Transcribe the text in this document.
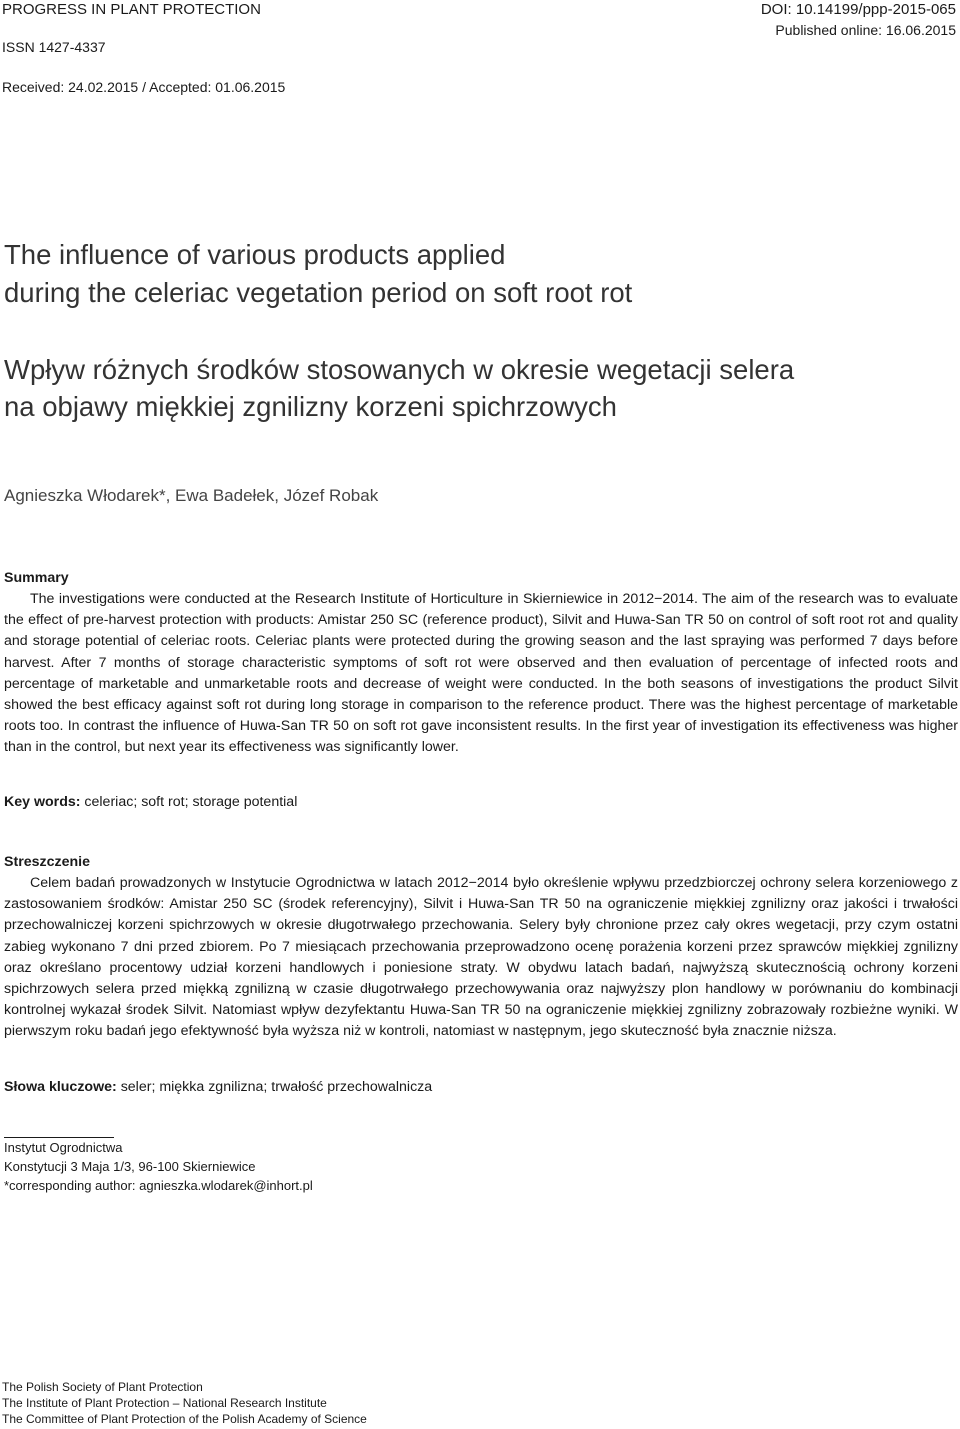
PROGRESS IN PLANT PROTECTION
ISSN 1427-4337
DOI: 10.14199/ppp-2015-065
Published online: 16.06.2015
Received: 24.02.2015 / Accepted: 01.06.2015
The influence of various products applied
during the celeriac vegetation period on soft root rot
Wpływ różnych środków stosowanych w okresie wegetacji selera
na objawy miękkiej zgnilizny korzeni spichrzowych
Agnieszka Włodarek*, Ewa Badełek, Józef Robak
Summary

The investigations were conducted at the Research Institute of Horticulture in Skierniewice in 2012−2014. The aim of the research was to evaluate the effect of pre-harvest protection with products: Amistar 250 SC (reference product), Silvit and Huwa-San TR 50 on control of soft root rot and quality and storage potential of celeriac roots. Celeriac plants were protected during the growing season and the last spraying was performed 7 days before harvest. After 7 months of storage characteristic symptoms of soft rot were observed and then evaluation of percentage of infected roots and percentage of marketable and unmarketable roots and decrease of weight were conducted. In the both seasons of investigations the product Silvit showed the best efficacy against soft rot during long storage in comparison to the reference product. There was the highest percentage of marketable roots too. In contrast the influence of Huwa-San TR 50 on soft rot gave inconsistent results. In the first year of investigation its effectiveness was higher than in the control, but next year its effectiveness was significantly lower.

Key words: celeriac; soft rot; storage potential
Streszczenie

Celem badań prowadzonych w Instytucie Ogrodnictwa w latach 2012−2014 było określenie wpływu przedzbiorczej ochrony selera korzeniowego z zastosowaniem środków: Amistar 250 SC (środek referencyjny), Silvit i Huwa-San TR 50 na ograniczenie miękkiej zgnilizny oraz jakości i trwałości przechowalniczej korzeni spichrzowych w okresie długotrwałego przechowania. Selery były chronione przez cały okres wegetacji, przy czym ostatni zabieg wykonano 7 dni przed zbiorem. Po 7 miesiącach przechowania przeprowadzono ocenę porażenia korzeni przez sprawców miękkiej zgnilizny oraz określano procentowy udział korzeni handlowych i poniesione straty. W obydwu latach badań, najwyższą skutecznością ochrony korzeni spichrzowych selera przed miękką zgnilizną w czasie długotrwałego przechowywania oraz najwyższy plon handlowy w porównaniu do kombinacji kontrolnej wykazał środek Silvit. Natomiast wpływ dezyfektantu Huwa-San TR 50 na ograniczenie miękkiej zgnilizny zobrazowały rozbieżne wyniki. W pierwszym roku badań jego efektywność była wyższa niż w kontroli, natomiast w następnym, jego skuteczność była znacznie niższa.

Słowa kluczowe: seler; miękka zgnilizna; trwałość przechowalnicza
Instytut Ogrodnictwa
Konstytucji 3 Maja 1/3, 96-100 Skierniewice
*corresponding author: agnieszka.wlodarek@inhort.pl
The Polish Society of Plant Protection
The Institute of Plant Protection – National Research Institute
The Committee of Plant Protection of the Polish Academy of Science
